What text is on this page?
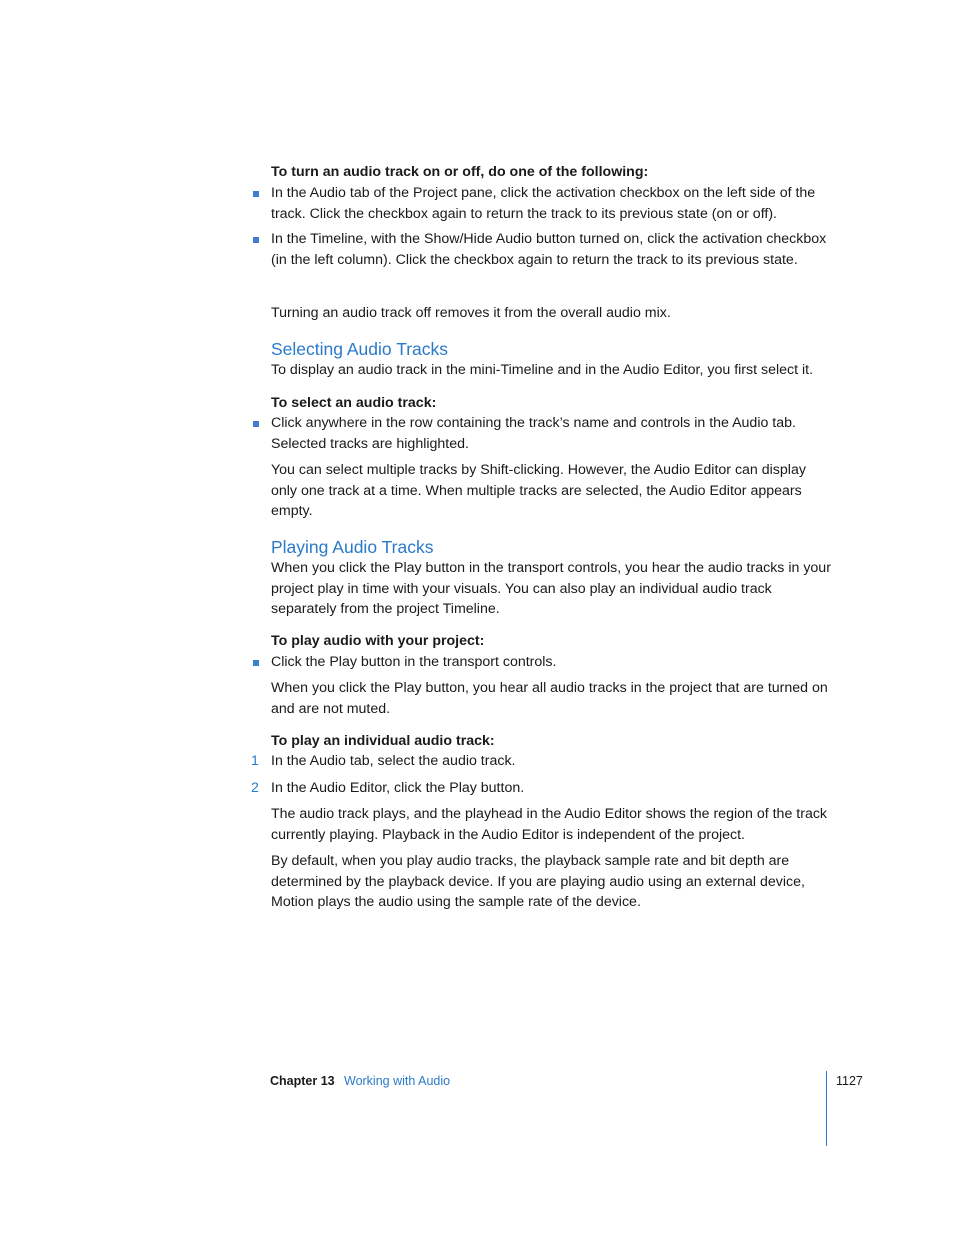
To turn an audio track on or off, do one of the following:
In the Audio tab of the Project pane, click the activation checkbox on the left side of the track. Click the checkbox again to return the track to its previous state (on or off).
In the Timeline, with the Show/Hide Audio button turned on, click the activation checkbox (in the left column). Click the checkbox again to return the track to its previous state.
Turning an audio track off removes it from the overall audio mix.
Selecting Audio Tracks
To display an audio track in the mini-Timeline and in the Audio Editor, you first select it.
To select an audio track:
Click anywhere in the row containing the track’s name and controls in the Audio tab. Selected tracks are highlighted.
You can select multiple tracks by Shift-clicking. However, the Audio Editor can display only one track at a time. When multiple tracks are selected, the Audio Editor appears empty.
Playing Audio Tracks
When you click the Play button in the transport controls, you hear the audio tracks in your project play in time with your visuals. You can also play an individual audio track separately from the project Timeline.
To play audio with your project:
Click the Play button in the transport controls.
When you click the Play button, you hear all audio tracks in the project that are turned on and are not muted.
To play an individual audio track:
1 In the Audio tab, select the audio track.
2 In the Audio Editor, click the Play button.
The audio track plays, and the playhead in the Audio Editor shows the region of the track currently playing. Playback in the Audio Editor is independent of the project.
By default, when you play audio tracks, the playback sample rate and bit depth are determined by the playback device. If you are playing audio using an external device, Motion plays the audio using the sample rate of the device.
Chapter 13 Working with Audio	1127
